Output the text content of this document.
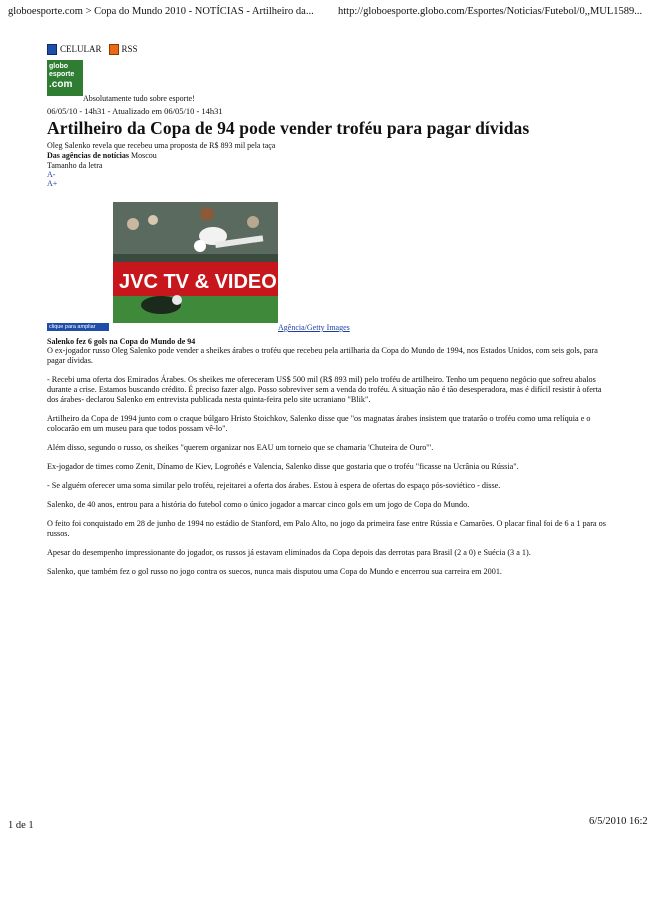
globoesporte.com > Copa do Mundo 2010 - NOTÍCIAS - Artilheiro da... http://globoesporte.globo.com/Esportes/Noticias/Futebol/0,,MUL1589...
CELULAR RSS
globo
esporte
.com
Absolutamente tudo sobre esporte!
06/05/10 - 14h31 - Atualizado em 06/05/10 - 14h31
Artilheiro da Copa de 94 pode vender troféu para pagar dívidas

Oleg Salenko revela que recebeu uma proposta de R$ 893 mil pela taça

Das agências de notícias Moscou

Tamanho da letra

A-
A+
JVC TV & VIDEO
clique para ampliar	Agência/Getty Images

Salenko fez 6 gols na Copa do Mundo de 94

O ex-jogador russo Oleg Salenko pode vender a sheikes árabes o troféu que recebeu pela artilharia da Copa do Mundo de 1994, nos Estados Unidos, com seis gols, para pagar dívidas.

- Recebi uma oferta dos Emirados Árabes. Os sheikes me ofereceram US$ 500 mil (R$ 893 mil) pelo troféu de artilheiro. Tenho um pequeno negócio que sofreu abalos durante a crise. Estamos buscando crédito. É preciso fazer algo. Posso sobreviver sem a venda do troféu. A situação não é tão desesperadora, mas é difícil resistir à oferta dos árabes- declarou Salenko em entrevista publicada nesta quinta-feira pelo site ucraniano "Blik".

Artilheiro da Copa de 1994 junto com o craque búlgaro Hristo Stoichkov, Salenko disse que "os magnatas árabes insistem que tratarão o troféu como uma relíquia e o colocarão em um museu para que todos possam vê-lo".

Além disso, segundo o russo, os sheikes "querem organizar nos EAU um torneio que se chamaria 'Chuteira de Ouro'".

Ex-jogador de times como Zenit, Dínamo de Kiev, Logroñés e Valencia, Salenko disse que gostaria que o troféu "ficasse na Ucrânia ou Rússia".

- Se alguém oferecer uma soma similar pelo troféu, rejeitarei a oferta dos árabes. Estou à espera de ofertas do espaço pós-soviético - disse.

Salenko, de 40 anos, entrou para a história do futebol como o único jogador a marcar cinco gols em um jogo de Copa do Mundo.

O feito foi conquistado em 28 de junho de 1994 no estádio de Stanford, em Palo Alto, no jogo da primeira fase entre Rússia e Camarões. O placar final foi de 6 a 1 para os russos.

Apesar do desempenho impressionante do jogador, os russos já estavam eliminados da Copa depois das derrotas para Brasil (2 a 0) e Suécia (3 a 1).

Salenko, que também fez o gol russo no jogo contra os suecos, nunca mais disputou uma Copa do Mundo e encerrou sua carreira em 2001.

1 de 1	6/5/2010 16:2
